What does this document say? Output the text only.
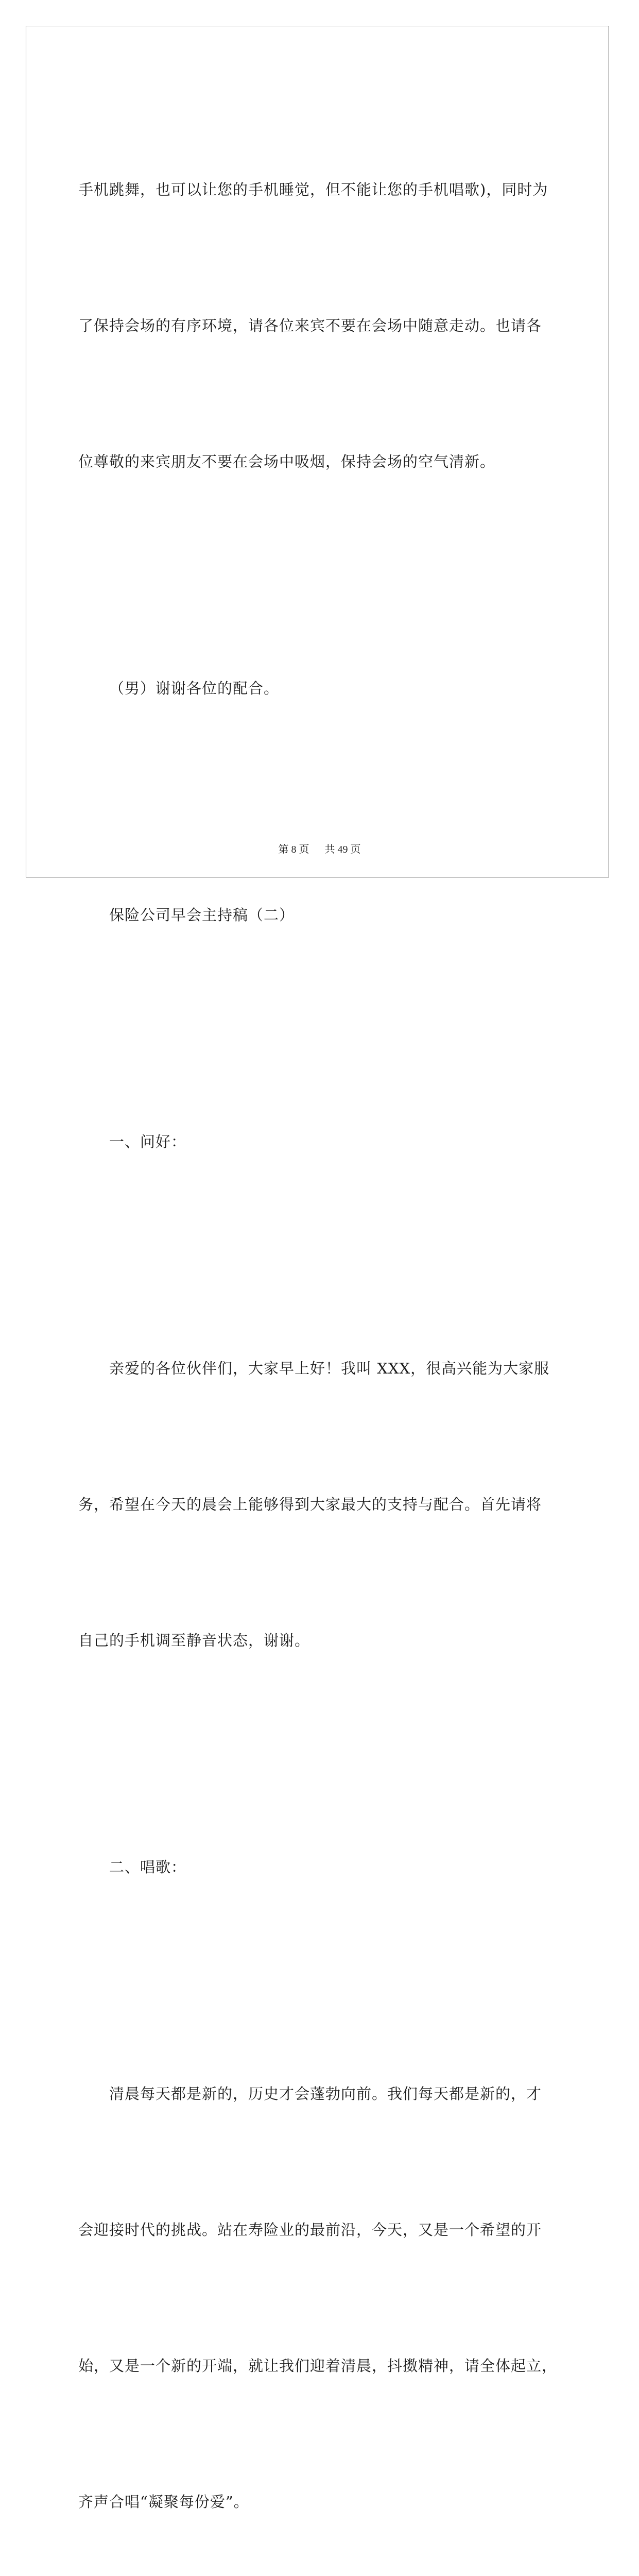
手机跳舞，也可以让您的手机睡觉，但不能让您的手机唱歌)，同时为

了保持会场的有序环境，请各位来宾不要在会场中随意走动。也请各

位尊敬的来宾朋友不要在会场中吸烟，保持会场的空气清新。

（男）谢谢各位的配合。

保险公司早会主持稿（二）

一、问好：

亲爱的各位伙伴们，大家早上好！我叫 XXX，很高兴能为大家服

务，希望在今天的晨会上能够得到大家最大的支持与配合。首先请将

自己的手机调至静音状态，谢谢。

二、唱歌：

清晨每天都是新的，历史才会蓬勃向前。我们每天都是新的，才

会迎接时代的挑战。站在寿险业的最前沿，今天，又是一个希望的开

始，又是一个新的开端，就让我们迎着清晨，抖擞精神，请全体起立，

齐声合唱“凝聚每份爱”。

第 8 页 共 49 页
